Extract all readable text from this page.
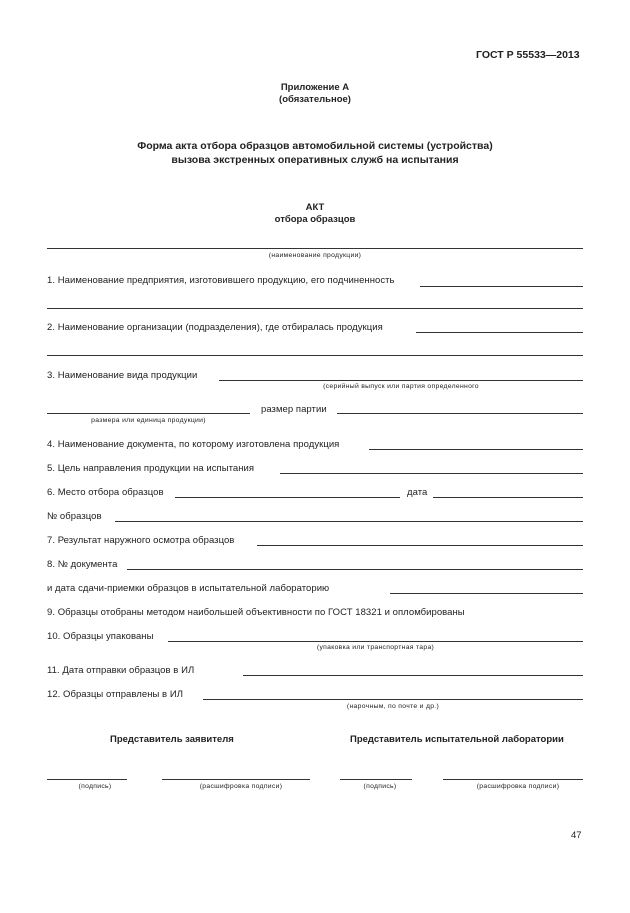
ГОСТ Р 55533—2013
Приложение А
(обязательное)
Форма акта отбора образцов автомобильной системы (устройства)
вызова экстренных оперативных служб на испытания
АКТ
отбора образцов
(наименование продукции)
1. Наименование предприятия, изготовившего продукцию, его подчиненность
2. Наименование организации (подразделения), где отбиралась продукция
3. Наименование вида продукции
(серийный выпуск или партия определенного
размера или единица продукции)
размер партии
4. Наименование документа, по которому изготовлена продукция
5. Цель направления продукции на испытания
6. Место отбора образцов	дата
№ образцов
7. Результат наружного осмотра образцов
8. № документа
и дата сдачи-приемки образцов в испытательной лабораторию
9. Образцы отобраны методом наибольшей объективности по ГОСТ 18321 и опломбированы
10. Образцы упакованы
(упаковка или транспортная тара)
11. Дата отправки образцов в ИЛ
12. Образцы отправлены в ИЛ
(нарочным, по почте и др.)
Представитель заявителя	Представитель испытательной лаборатории
(подпись)	(расшифровка подписи)	(подпись)	(расшифровка подписи)
47
